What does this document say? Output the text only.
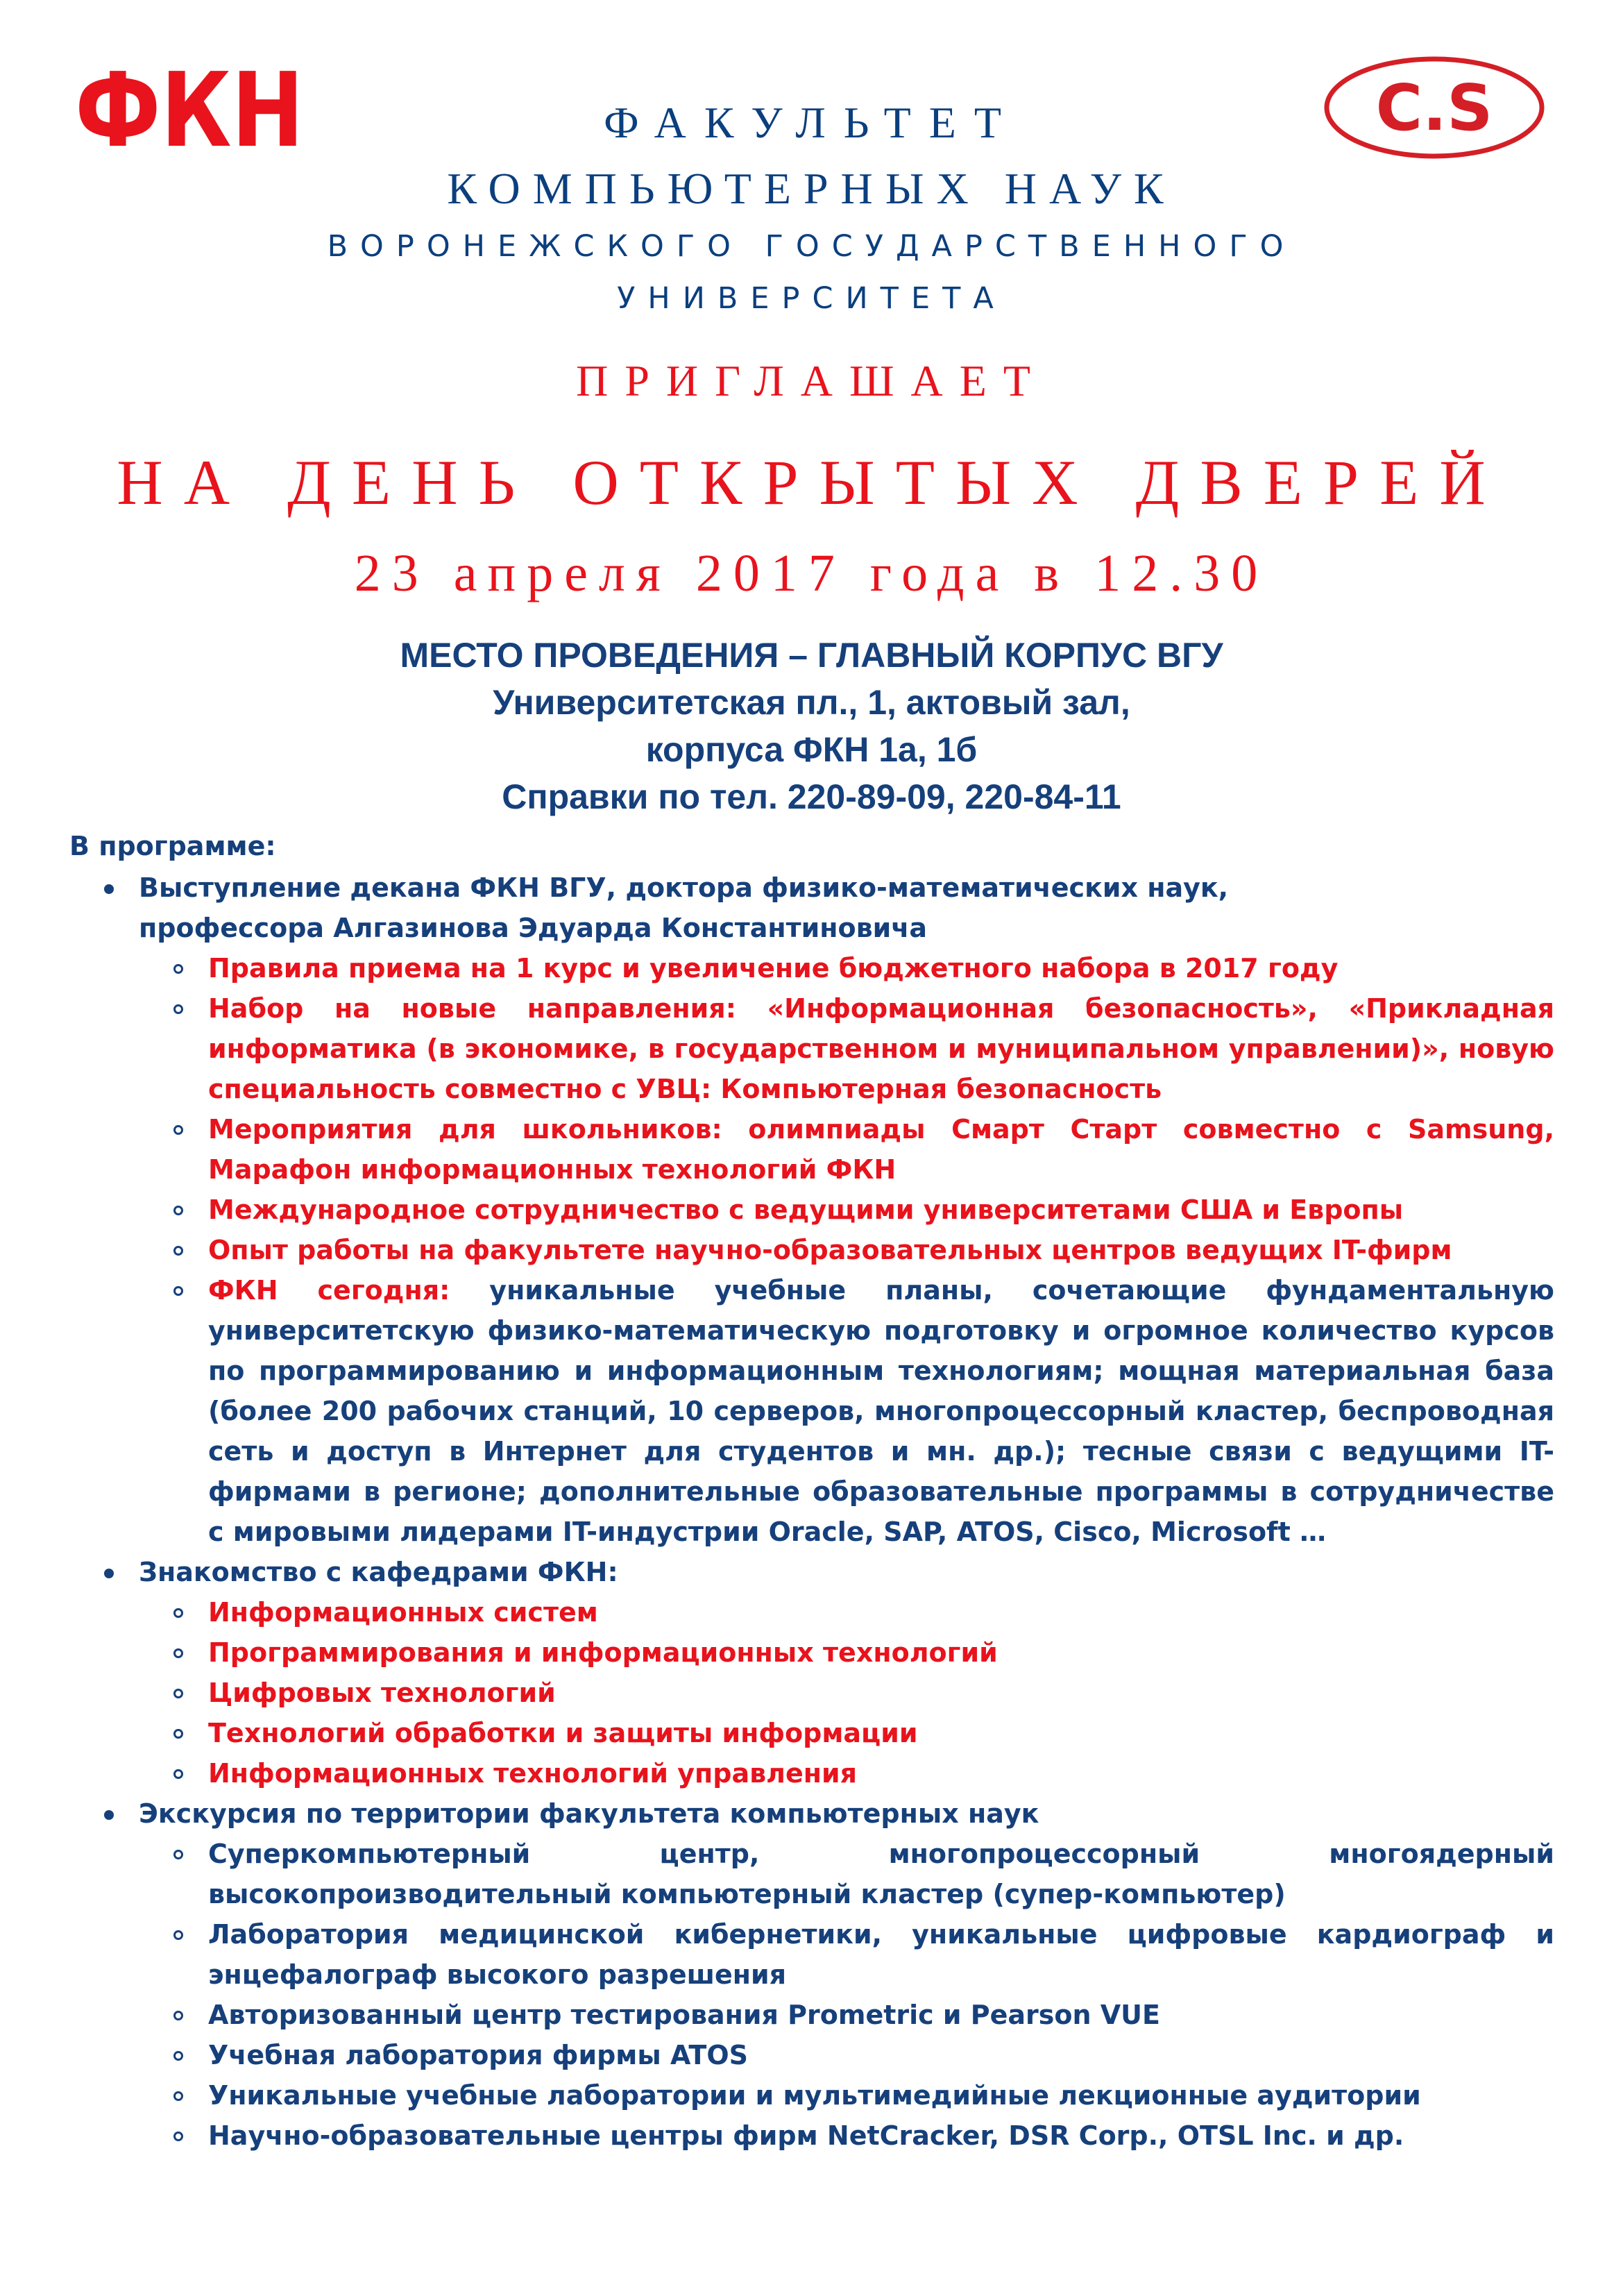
ФКН	C.S
ФАКУЛЬТЕТ
КОМПЬЮТЕРНЫХ НАУК
ВОРОНЕЖСКОГО ГОСУДАРСТВЕННОГО
УНИВЕРСИТЕТА
ПРИГЛАШАЕТ
НА ДЕНЬ ОТКРЫТЫХ ДВЕРЕЙ
23 апреля 2017 года в 12.30
МЕСТО ПРОВЕДЕНИЯ – ГЛАВНЫЙ КОРПУС ВГУ
Университетская пл., 1, актовый зал,
корпуса ФКН 1а, 1б
Справки по тел. 220-89-09, 220-84-11
В программе:
Выступление декана ФКН ВГУ, доктора физико-математических наук,
профессора Алгазинова Эдуарда Константиновича
Правила приема на 1 курс и увеличение бюджетного набора в 2017 году
Набор на новые направления: «Информационная безопасность», «Прикладная информатика (в экономике, в государственном и муниципальном управлении)», новую специальность совместно с УВЦ: Компьютерная безопасность
Мероприятия для школьников: олимпиады Смарт Старт совместно с Samsung, Марафон информационных технологий ФКН
Международное сотрудничество с ведущими университетами США и Европы
Опыт работы на факультете научно-образовательных центров ведущих IT-фирм
ФКН сегодня: уникальные учебные планы, сочетающие фундаментальную университетскую физико-математическую подготовку и огромное количество курсов по программированию и информационным технологиям; мощная материальная база (более 200 рабочих станций, 10 серверов, многопроцессорный кластер, беспроводная сеть и доступ в Интернет для студентов и мн. др.); тесные связи с ведущими IT-фирмами в регионе; дополнительные образовательные программы в сотрудничестве с мировыми лидерами IT-индустрии Oracle, SAP, ATOS, Cisco, Microsoft …
Знакомство с кафедрами ФКН:
Информационных систем
Программирования и информационных технологий
Цифровых технологий
Технологий обработки и защиты информации
Информационных технологий управления
Экскурсия по территории факультета компьютерных наук
Суперкомпьютерный центр, многопроцессорный многоядерный высокопроизводительный компьютерный кластер (супер-компьютер)
Лаборатория медицинской кибернетики, уникальные цифровые кардиограф и энцефалограф высокого разрешения
Авторизованный центр тестирования Prometric и Pearson VUE
Учебная лаборатория фирмы ATOS
Уникальные учебные лаборатории и мультимедийные лекционные аудитории
Научно-образовательные центры фирм NetCracker, DSR Corp., OTSL Inc. и др.
